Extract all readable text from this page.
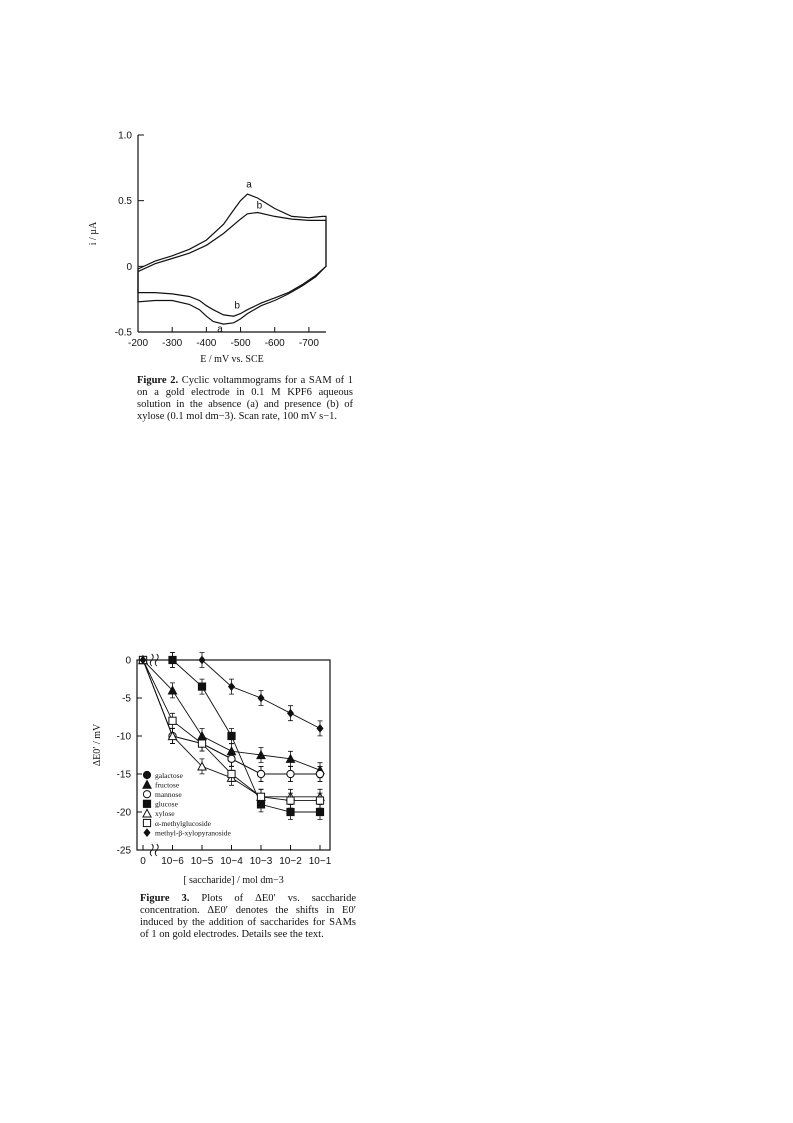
-0.5
0
0.5
1.0
-200 -300 -400 -500 -600 -700
E / mV vs. SCE
i / µA
a
b
b
a
Figure 2. Cyclic voltammograms for a SAM of 1 on a gold electrode in 0.1 M KPF6 aqueous solution in the absence (a) and presence (b) of xylose (0.1 mol dm−3). Scan rate, 100 mV s−1.
0
-5
-10
-15
-20
-25
0 10−6 10−5 10−4 10−3 10−2 10−1
[ saccharide] / mol dm−3
ΔE0′ / mV
galactose
fructose
mannose
glucose
xylose
α-methylglucoside
methyl-β-xylopyranoside
Figure 3. Plots of ΔE0′ vs. saccharide concentration. ΔE0′ denotes the shifts in E0′ induced by the addition of saccharides for SAMs of 1 on gold electrodes. Details see the text.
